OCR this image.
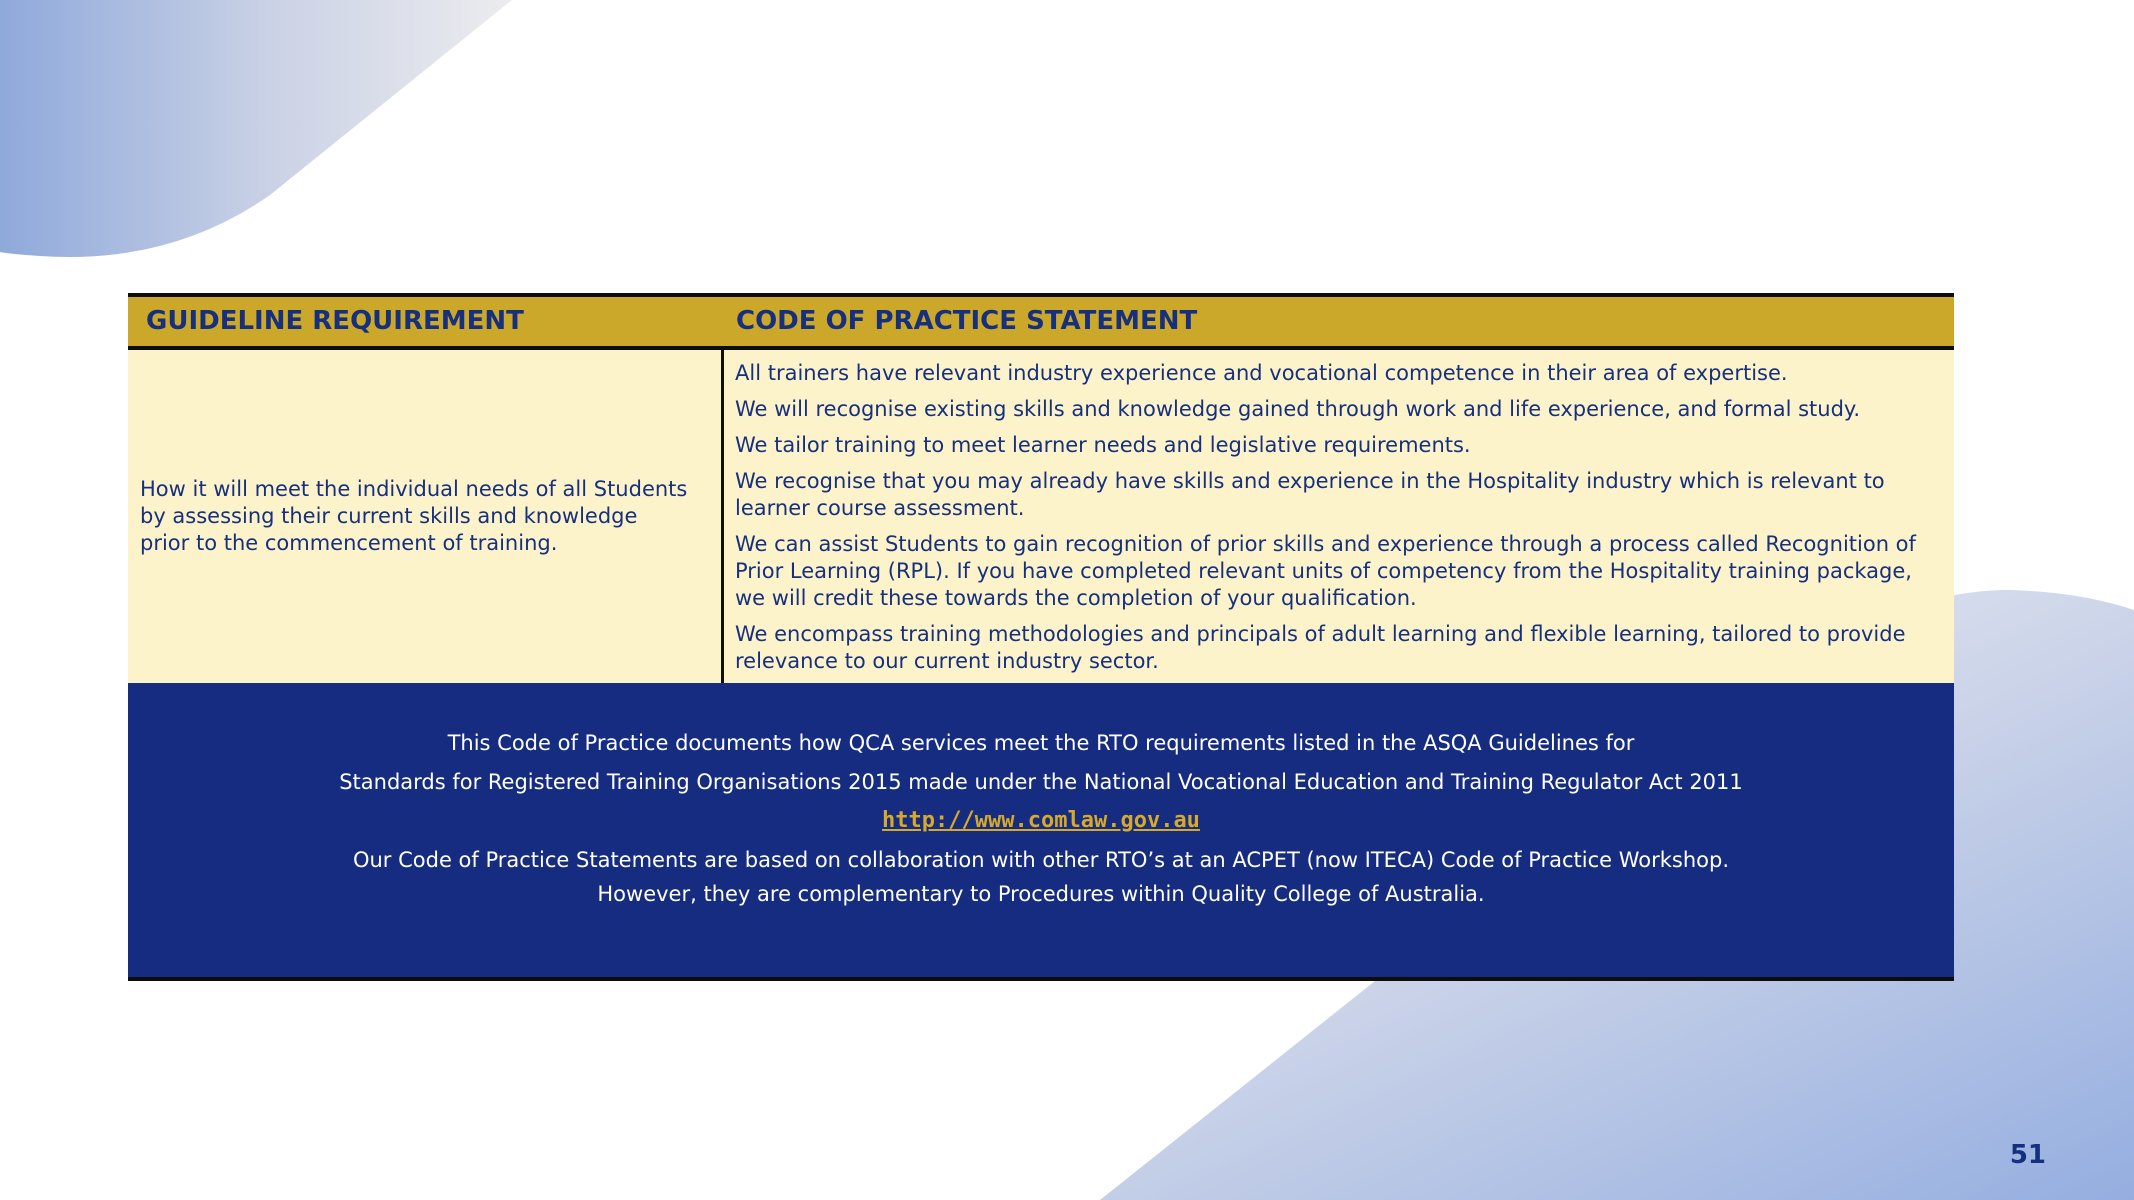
GUIDELINE REQUIREMENT	CODE OF PRACTICE STATEMENT
How it will meet the individual needs of all Students by assessing their current skills and knowledge prior to the commencement of training.

All trainers have relevant industry experience and vocational competence in their area of expertise.

We will recognise existing skills and knowledge gained through work and life experience, and formal study.

We tailor training to meet learner needs and legislative requirements.

We recognise that you may already have skills and experience in the Hospitality industry which is relevant to learner course assessment.

We can assist Students to gain recognition of prior skills and experience through a process called Recognition of Prior Learning (RPL). If you have completed relevant units of competency from the Hospitality training package, we will credit these towards the completion of your qualification.

We encompass training methodologies and principals of adult learning and flexible learning, tailored to provide relevance to our current industry sector.

This Code of Practice documents how QCA services meet the RTO requirements listed in the ASQA Guidelines for
Standards for Registered Training Organisations 2015 made under the National Vocational Education and Training Regulator Act 2011
http://www.comlaw.gov.au
Our Code of Practice Statements are based on collaboration with other RTO’s at an ACPET (now ITECA) Code of Practice Workshop.
However, they are complementary to Procedures within Quality College of Australia.
51
